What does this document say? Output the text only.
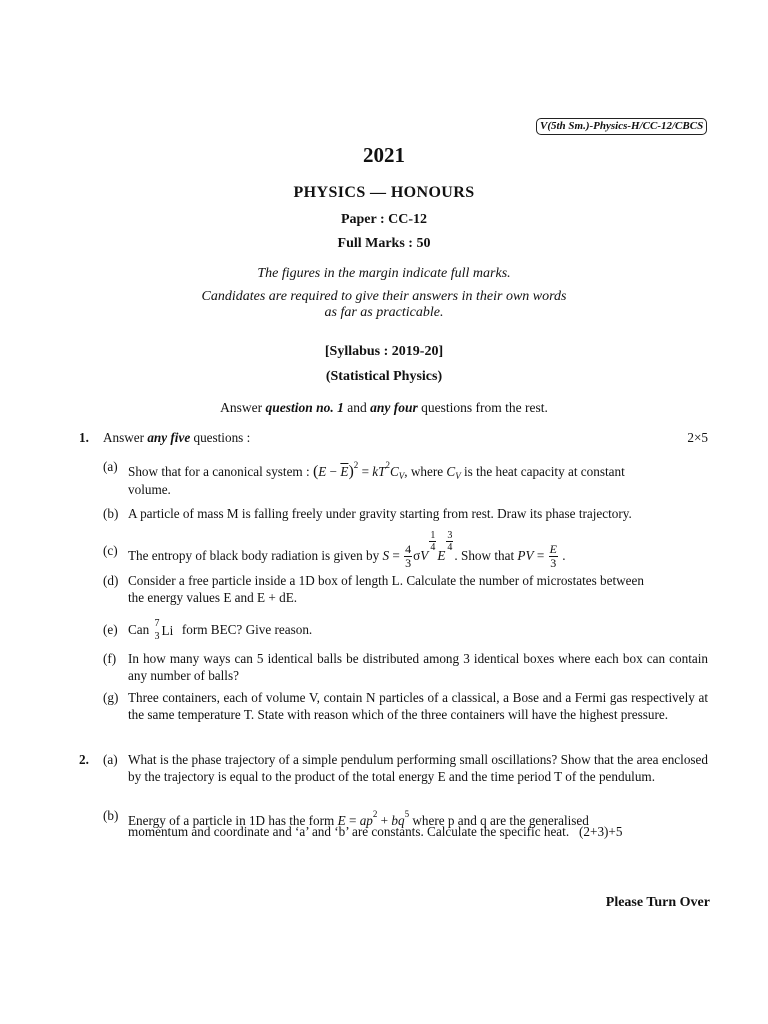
V(5th Sm.)-Physics-H/CC-12/CBCS
2021
PHYSICS — HONOURS
Paper : CC-12
Full Marks : 50
The figures in the margin indicate full marks.
Candidates are required to give their answers in their own words
as far as practicable.
[Syllabus : 2019-20]
(Statistical Physics)
Answer question no. 1 and any four questions from the rest.
1. Answer any five questions :	2×5
(a) Show that for a canonical system : $(E - \overline{E})^2 = kT^2C_V$, where $C_V$ is the heat capacity at constant
volume.
(b) A particle of mass M is falling freely under gravity starting from rest. Draw its phase trajectory.
(c) The entropy of black body radiation is given by $S = \frac{4}{3}$ σV
$\frac{1}{4}$
E
$\frac{3}{4}$
. Show that PV = $\frac{E}{3}$ .
(d) Consider a free particle inside a 1D box of length L. Calculate the number of microstates between
the energy values E and E + dE.
(e) Can 7
3 Li form BEC? Give reason.
(f) In how many ways can 5 identical balls be distributed among 3 identical boxes where each box can contain any number of balls?
(g) Three containers, each of volume V, contain N particles of a classical, a Bose and a Fermi gas respectively at the same temperature T. State with reason which of the three containers will have the highest pressure.
2. (a) What is the phase trajectory of a simple pendulum performing small oscillations? Show that the area enclosed by the trajectory is equal to the product of the total energy E and the time period T of the pendulum.
(b) Energy of a particle in 1D has the form $E = ap^2 + bq^5$ where p and q are the generalised
momentum and coordinate and ‘a’ and ‘b’ are constants. Calculate the specific heat. (2+3)+5
Please Turn Over
